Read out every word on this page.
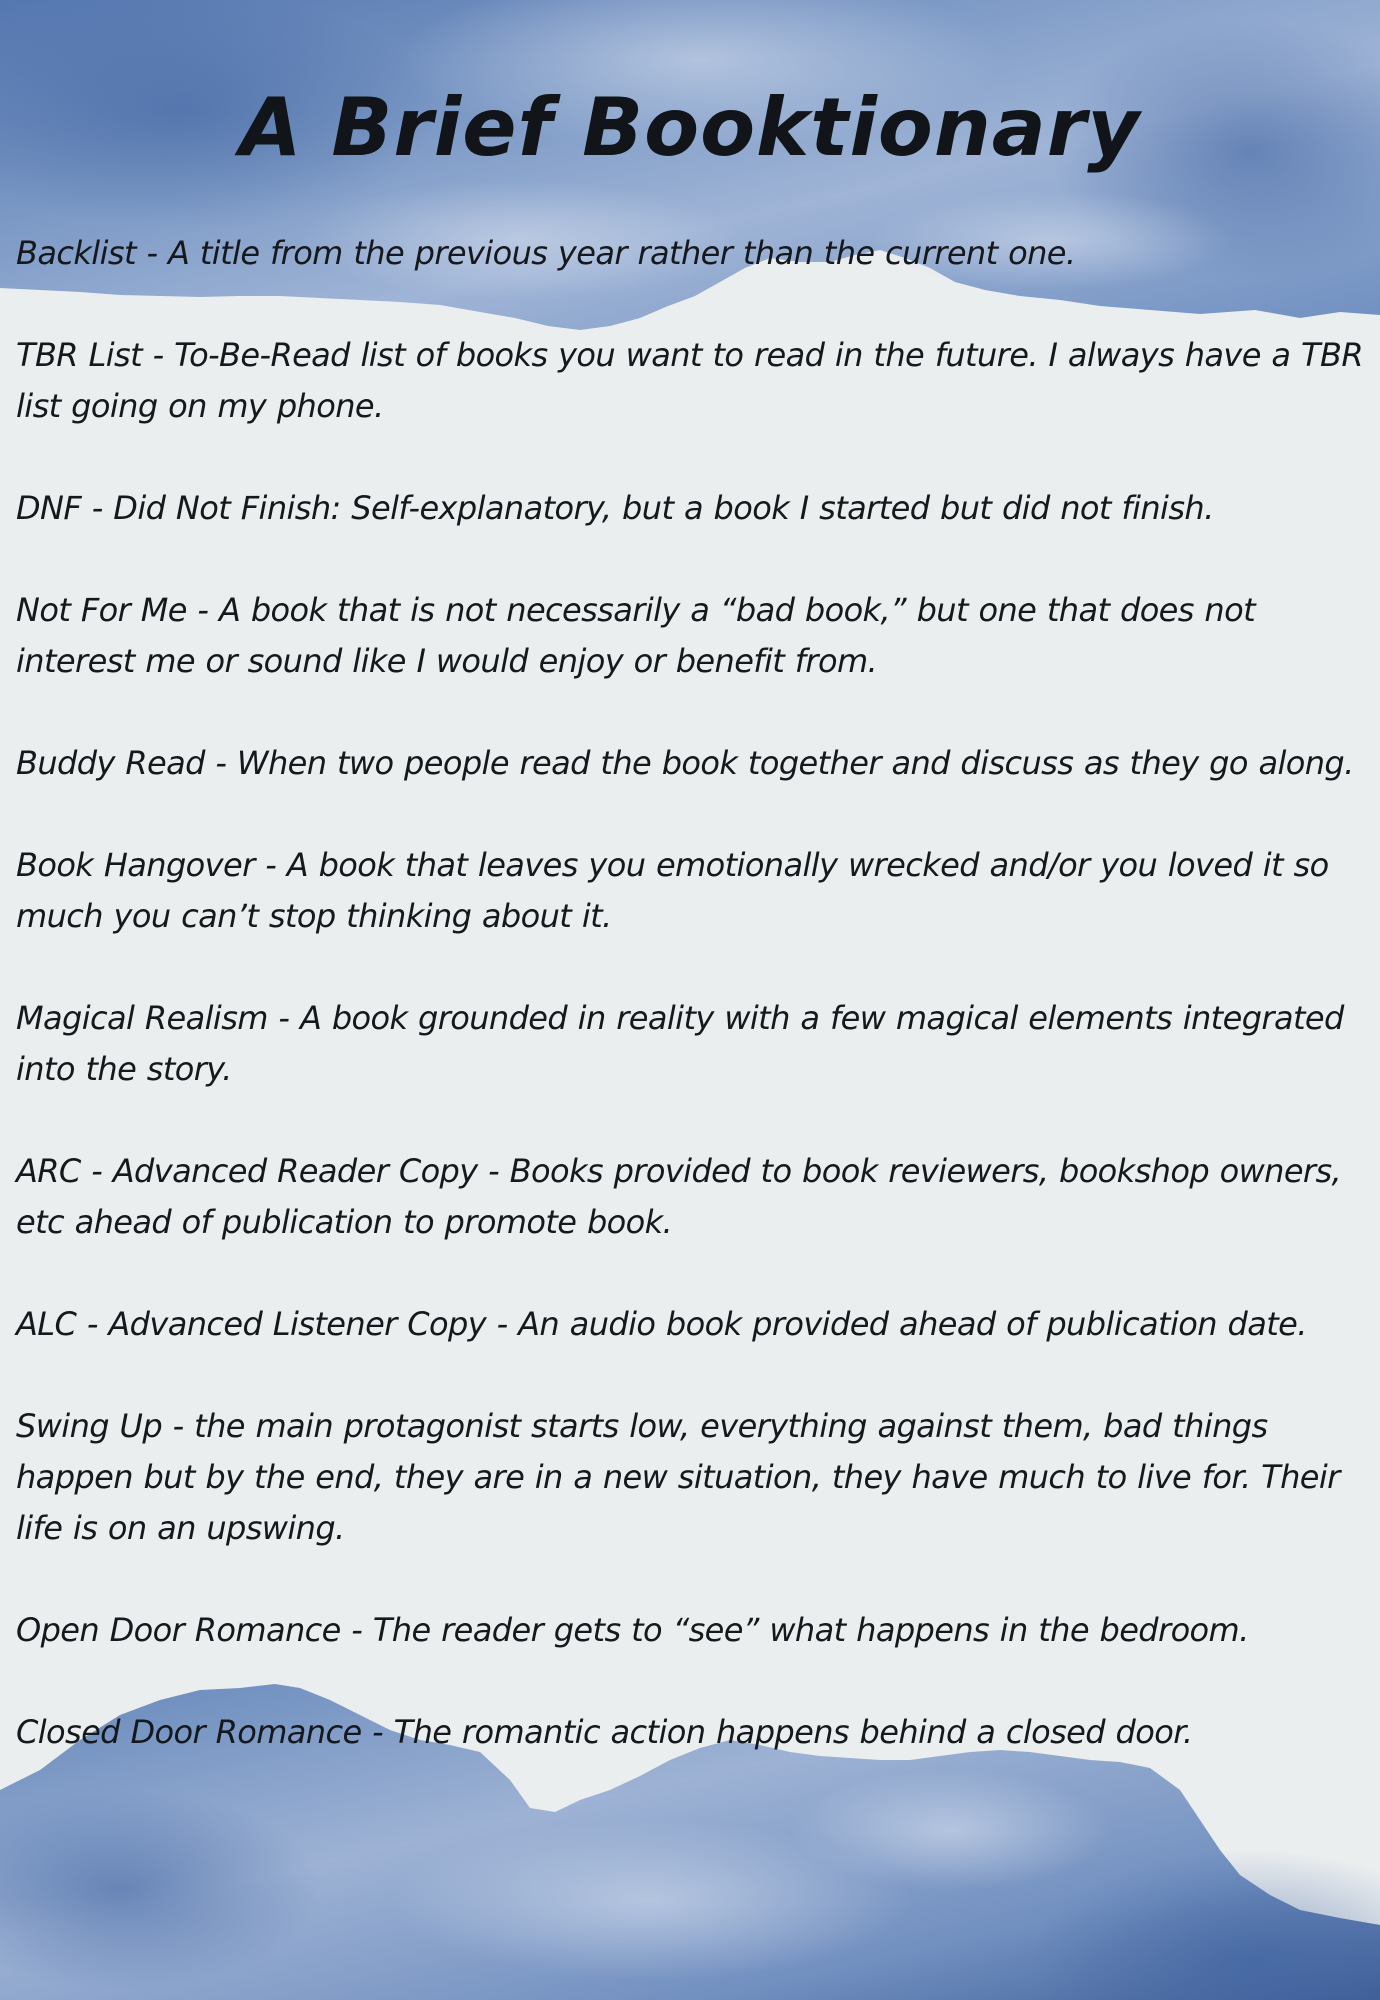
A Brief Booktionary
Backlist - A title from the previous year rather than the current one.
TBR List - To-Be-Read list of books you want to read in the future. I always have a TBR list going on my phone.
DNF - Did Not Finish: Self-explanatory, but a book I started but did not finish.
Not For Me - A book that is not necessarily a “bad book,” but one that does not interest me or sound like I would enjoy or benefit from.
Buddy Read - When two people read the book together and discuss as they go along.
Book Hangover - A book that leaves you emotionally wrecked and/or you loved it so much you can’t stop thinking about it.
Magical Realism - A book grounded in reality with a few magical elements integrated into the story.
ARC - Advanced Reader Copy - Books provided to book reviewers, bookshop owners, etc ahead of publication to promote book.
ALC - Advanced Listener Copy - An audio book provided ahead of publication date.
Swing Up - the main protagonist starts low, everything against them, bad things happen but by the end, they are in a new situation, they have much to live for. Their life is on an upswing.
Open Door Romance - The reader gets to “see” what happens in the bedroom.
Closed Door Romance - The romantic action happens behind a closed door.
